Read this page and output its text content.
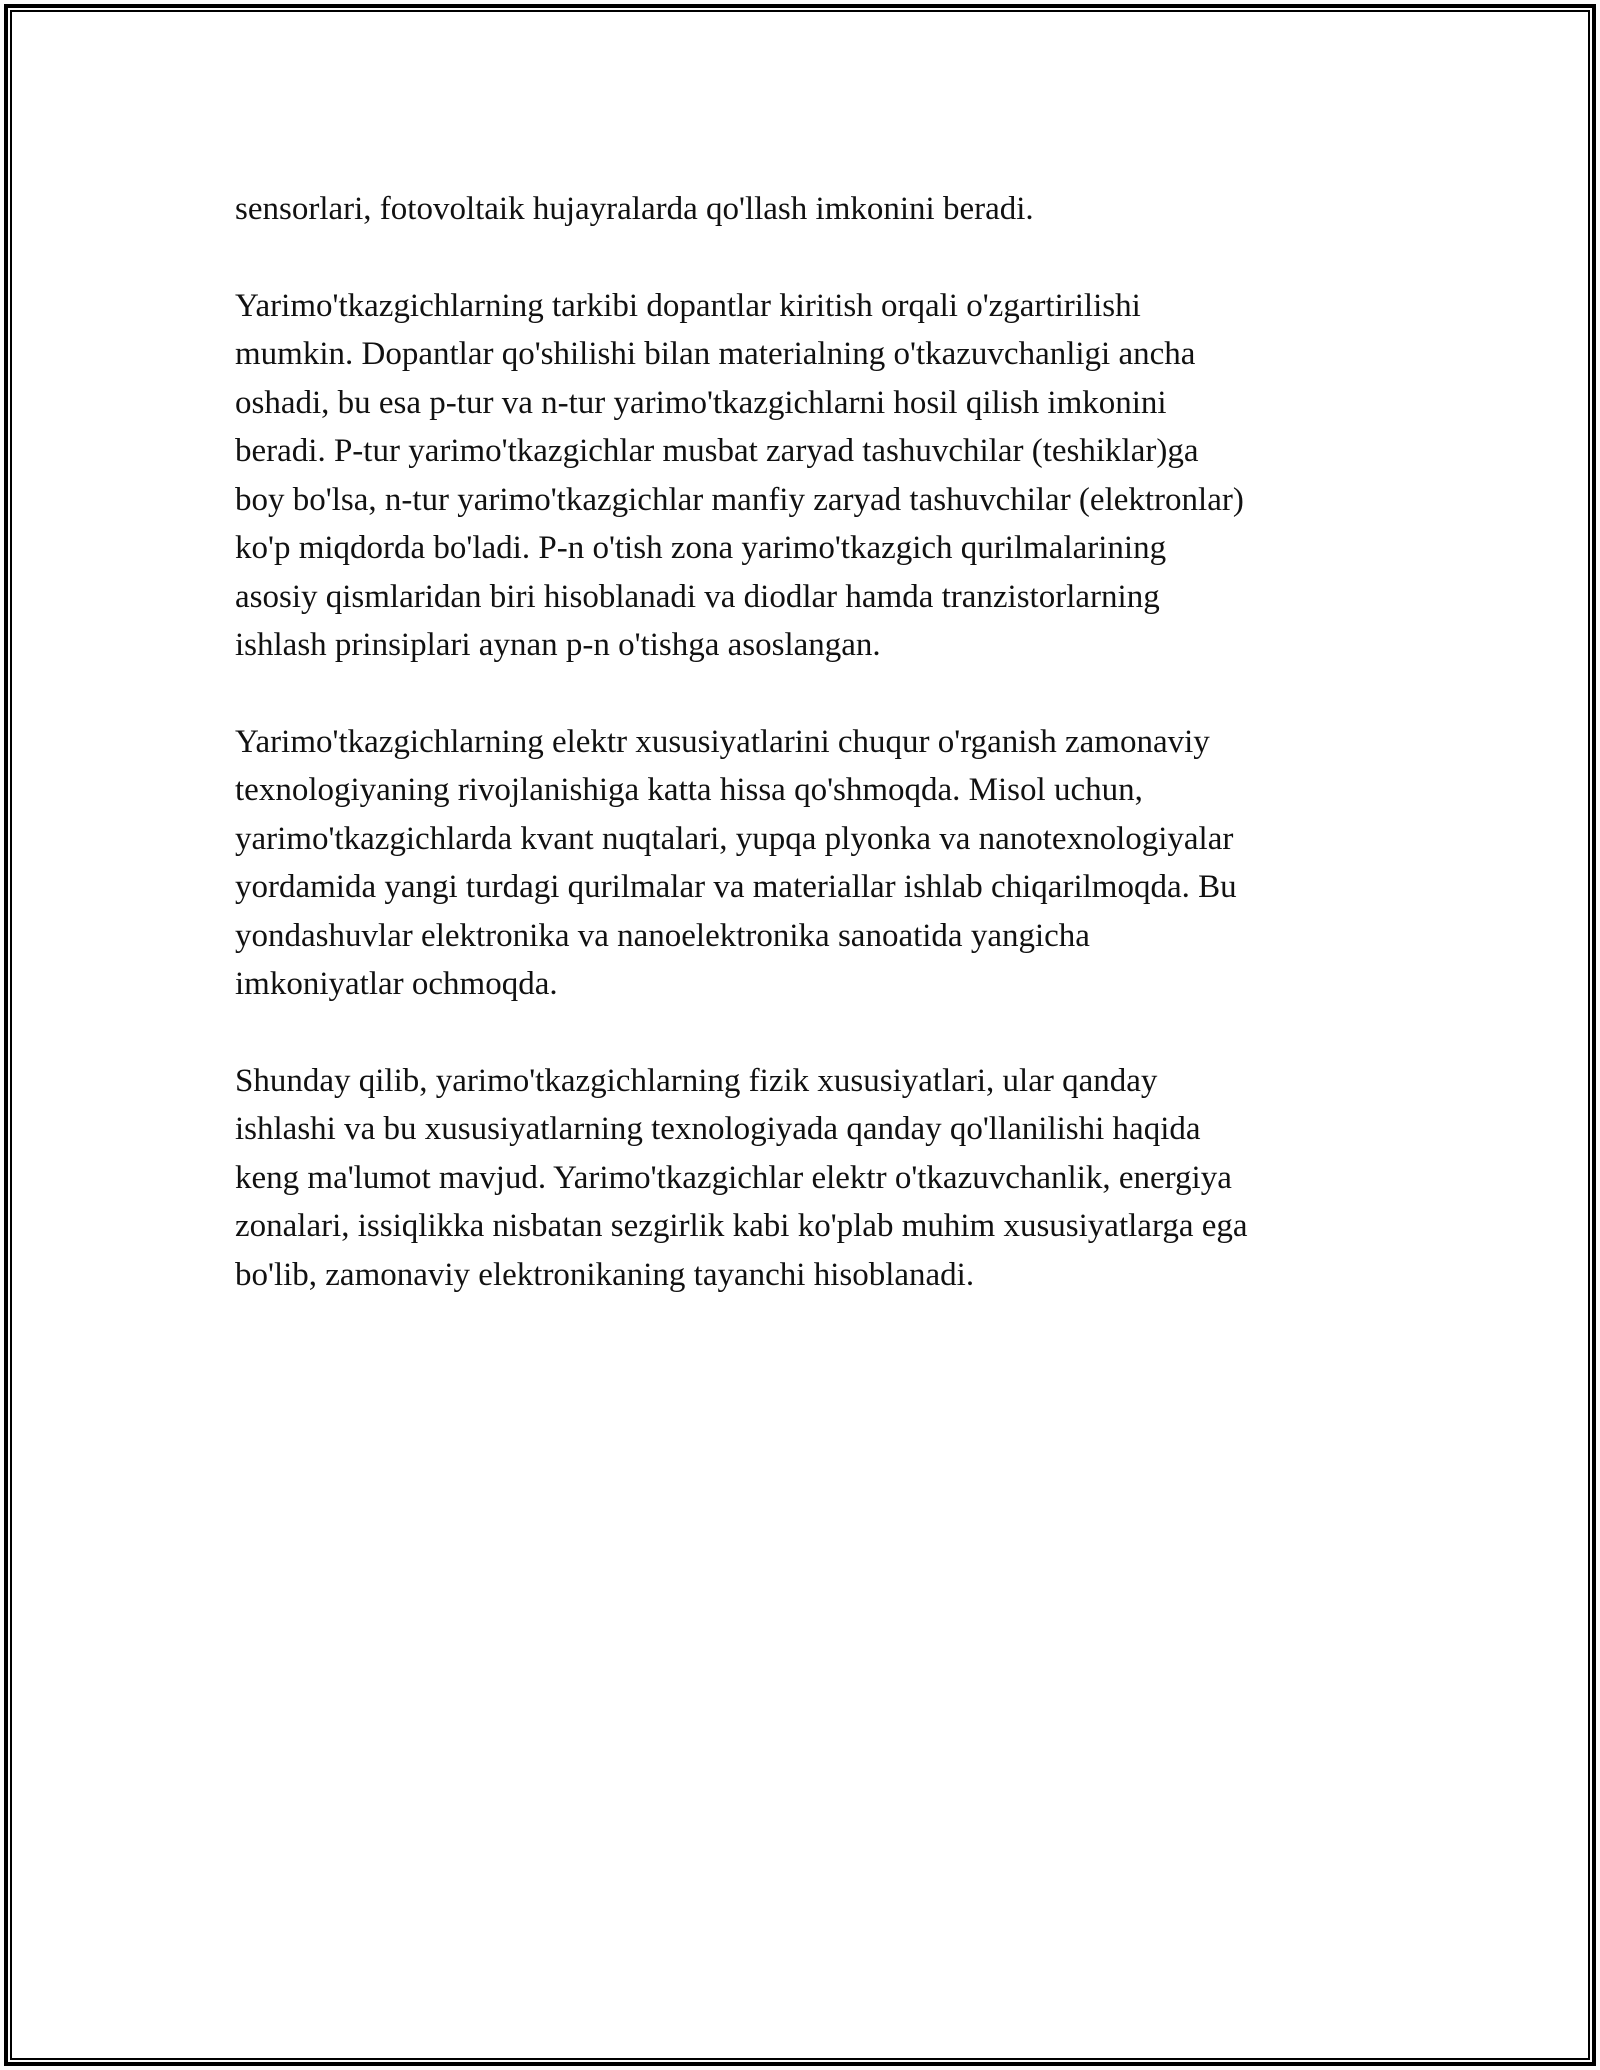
sensorlari, fotovoltaik hujayralarda qo'llash imkonini beradi.

Yarimo'tkazgichlarning tarkibi dopantlar kiritish orqali o'zgartirilishi
mumkin. Dopantlar qo'shilishi bilan materialning o'tkazuvchanligi ancha
oshadi, bu esa p-tur va n-tur yarimo'tkazgichlarni hosil qilish imkonini
beradi. P-tur yarimo'tkazgichlar musbat zaryad tashuvchilar (teshiklar)ga
boy bo'lsa, n-tur yarimo'tkazgichlar manfiy zaryad tashuvchilar (elektronlar)
ko'p miqdorda bo'ladi. P-n o'tish zona yarimo'tkazgich qurilmalarining
asosiy qismlaridan biri hisoblanadi va diodlar hamda tranzistorlarning
ishlash prinsiplari aynan p-n o'tishga asoslangan.

Yarimo'tkazgichlarning elektr xususiyatlarini chuqur o'rganish zamonaviy
texnologiyaning rivojlanishiga katta hissa qo'shmoqda. Misol uchun,
yarimo'tkazgichlarda kvant nuqtalari, yupqa plyonka va nanotexnologiyalar
yordamida yangi turdagi qurilmalar va materiallar ishlab chiqarilmoqda. Bu
yondashuvlar elektronika va nanoelektronika sanoatida yangicha
imkoniyatlar ochmoqda.

Shunday qilib, yarimo'tkazgichlarning fizik xususiyatlari, ular qanday
ishlashi va bu xususiyatlarning texnologiyada qanday qo'llanilishi haqida
keng ma'lumot mavjud. Yarimo'tkazgichlar elektr o'tkazuvchanlik, energiya
zonalari, issiqlikka nisbatan sezgirlik kabi ko'plab muhim xususiyatlarga ega
bo'lib, zamonaviy elektronikaning tayanchi hisoblanadi.
